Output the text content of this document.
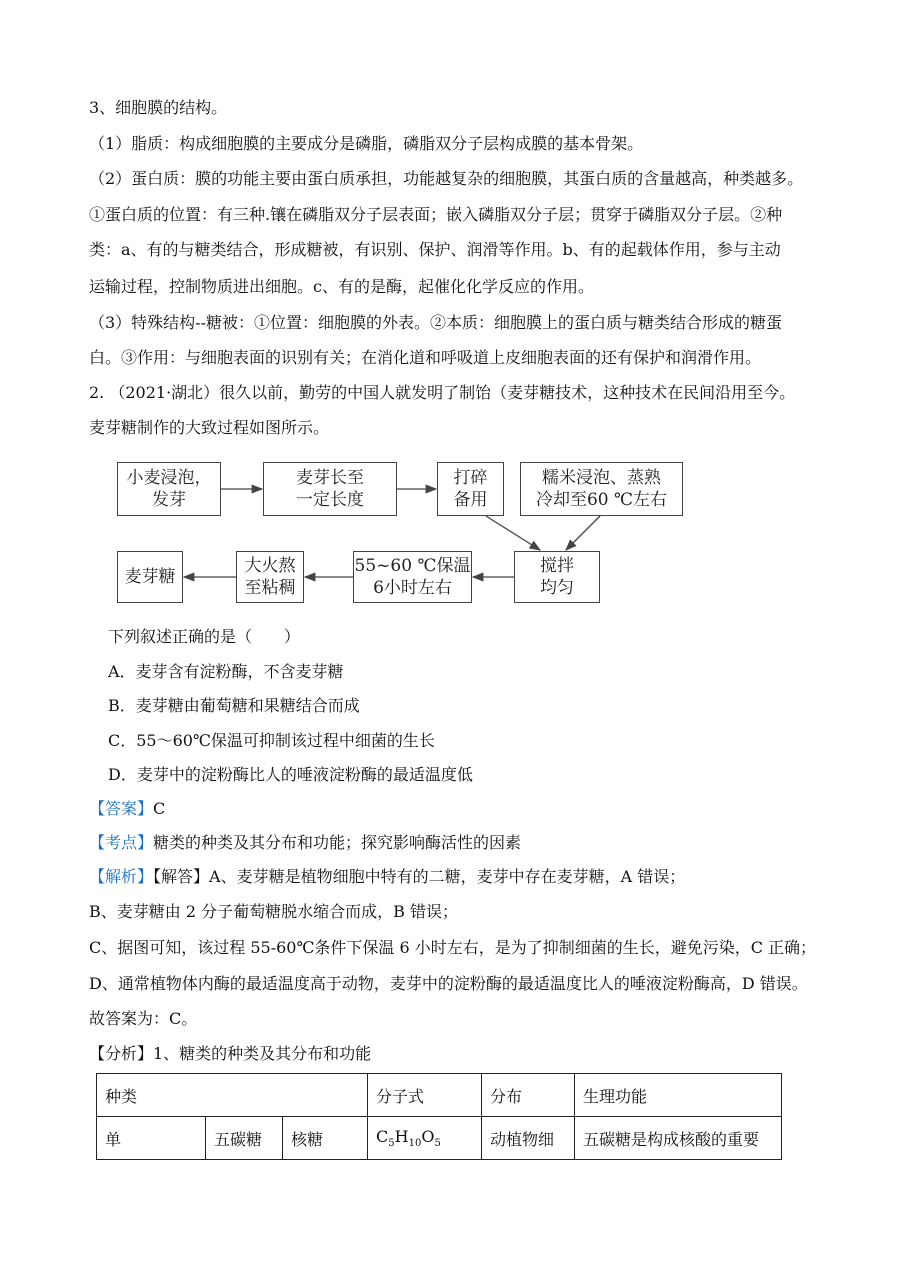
3、细胞膜的结构。
（1）脂质：构成细胞膜的主要成分是磷脂，磷脂双分子层构成膜的基本骨架。
（2）蛋白质：膜的功能主要由蛋白质承担，功能越复杂的细胞膜，其蛋白质的含量越高，种类越多。
①蛋白质的位置：有三种.镶在磷脂双分子层表面；嵌入磷脂双分子层；贯穿于磷脂双分子层。②种
类：a、有的与糖类结合，形成糖被，有识别、保护、润滑等作用。b、有的起载体作用，参与主动
运输过程，控制物质进出细胞。c、有的是酶，起催化化学反应的作用。
（3）特殊结构--糖被：①位置：细胞膜的外表。②本质：细胞膜上的蛋白质与糖类结合形成的糖蛋
白。③作用：与细胞表面的识别有关；在消化道和呼吸道上皮细胞表面的还有保护和润滑作用。
2. （2021·湖北）很久以前，勤劳的中国人就发明了制饴（麦芽糖技术，这种技术在民间沿用至今。
麦芽糖制作的大致过程如图所示。
小麦浸泡，
发芽
麦芽长至
一定长度
打碎
备用
糯米浸泡、蒸熟
冷却至60 ℃左右
搅拌
均匀
55~60 ℃保温
6小时左右
大火熬
至粘稠
麦芽糖
下列叙述正确的是（　　）
A．麦芽含有淀粉酶，不含麦芽糖
B．麦芽糖由葡萄糖和果糖结合而成
C．55～60℃保温可抑制该过程中细菌的生长
D．麦芽中的淀粉酶比人的唾液淀粉酶的最适温度低
【答案】C
【考点】糖类的种类及其分布和功能；探究影响酶活性的因素
【解析】【解答】A、麦芽糖是植物细胞中特有的二糖，麦芽中存在麦芽糖，A 错误；
B、麦芽糖由 2 分子葡萄糖脱水缩合而成，B 错误；
C、据图可知，该过程 55-60℃条件下保温 6 小时左右，是为了抑制细菌的生长，避免污染，C 正确；
D、通常植物体内酶的最适温度高于动物，麦芽中的淀粉酶的最适温度比人的唾液淀粉酶高，D 错误。
故答案为：C。
【分析】1、糖类的种类及其分布和功能
种类			分子式	分布	生理功能
单	五碳糖	核糖	$C_5H_{10}O_5$	动植物细	五碳糖是构成核酸的重要
